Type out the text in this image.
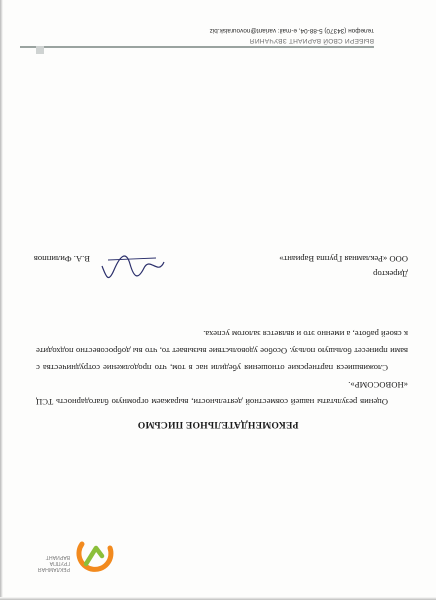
РЕКЛАМНАЯ ГРУППА
ВАРИАНТ
РЕКОМЕНДАТЕЛЬНОЕ ПИСЬМО

Оценив результаты нашей совместной деятельности, выражаем огромную благодарность ТСЦ «НОВОСОМР».

Сложившиеся партнерские отношения убедили нас в том, что продолжение сотрудничества с вами принесет большую пользу. Особое удовольствие вызывает то, что вы добросовестно подходите к своей работе, а именно это и является залогом успеха.

Директор
ООО «Рекламная Группа Вариант»
В.А. Филиппов
ВЫБЕРИ СВОЙ ВАРИАНТ ЗВУЧАНИЯ
телефон (34370) 5-88-04, e-mail: variant@novouralsk.biz
